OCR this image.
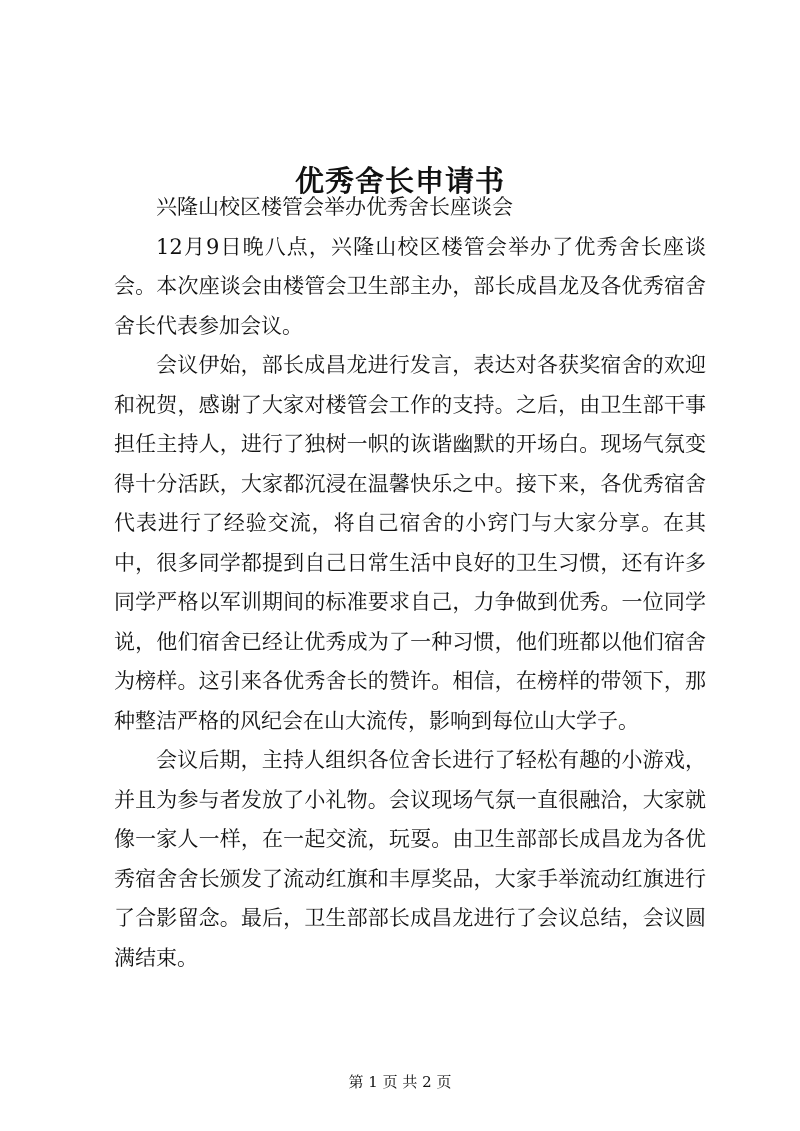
优秀舍长申请书

兴隆山校区楼管会举办优秀舍长座谈会

12月9日晚八点，兴隆山校区楼管会举办了优秀舍长座谈会。本次座谈会由楼管会卫生部主办，部长成昌龙及各优秀宿舍舍长代表参加会议。

会议伊始，部长成昌龙进行发言，表达对各获奖宿舍的欢迎和祝贺，感谢了大家对楼管会工作的支持。之后，由卫生部干事担任主持人，进行了独树一帜的诙谐幽默的开场白。现场气氛变得十分活跃，大家都沉浸在温馨快乐之中。接下来，各优秀宿舍代表进行了经验交流，将自己宿舍的小窍门与大家分享。在其中，很多同学都提到自己日常生活中良好的卫生习惯，还有许多同学严格以军训期间的标准要求自己，力争做到优秀。一位同学说，他们宿舍已经让优秀成为了一种习惯，他们班都以他们宿舍为榜样。这引来各优秀舍长的赞许。相信，在榜样的带领下，那种整洁严格的风纪会在山大流传，影响到每位山大学子。

会议后期，主持人组织各位舍长进行了轻松有趣的小游戏，并且为参与者发放了小礼物。会议现场气氛一直很融洽，大家就像一家人一样，在一起交流，玩耍。由卫生部部长成昌龙为各优秀宿舍舍长颁发了流动红旗和丰厚奖品，大家手举流动红旗进行了合影留念。最后，卫生部部长成昌龙进行了会议总结，会议圆满结束。

第 1 页 共 2 页
